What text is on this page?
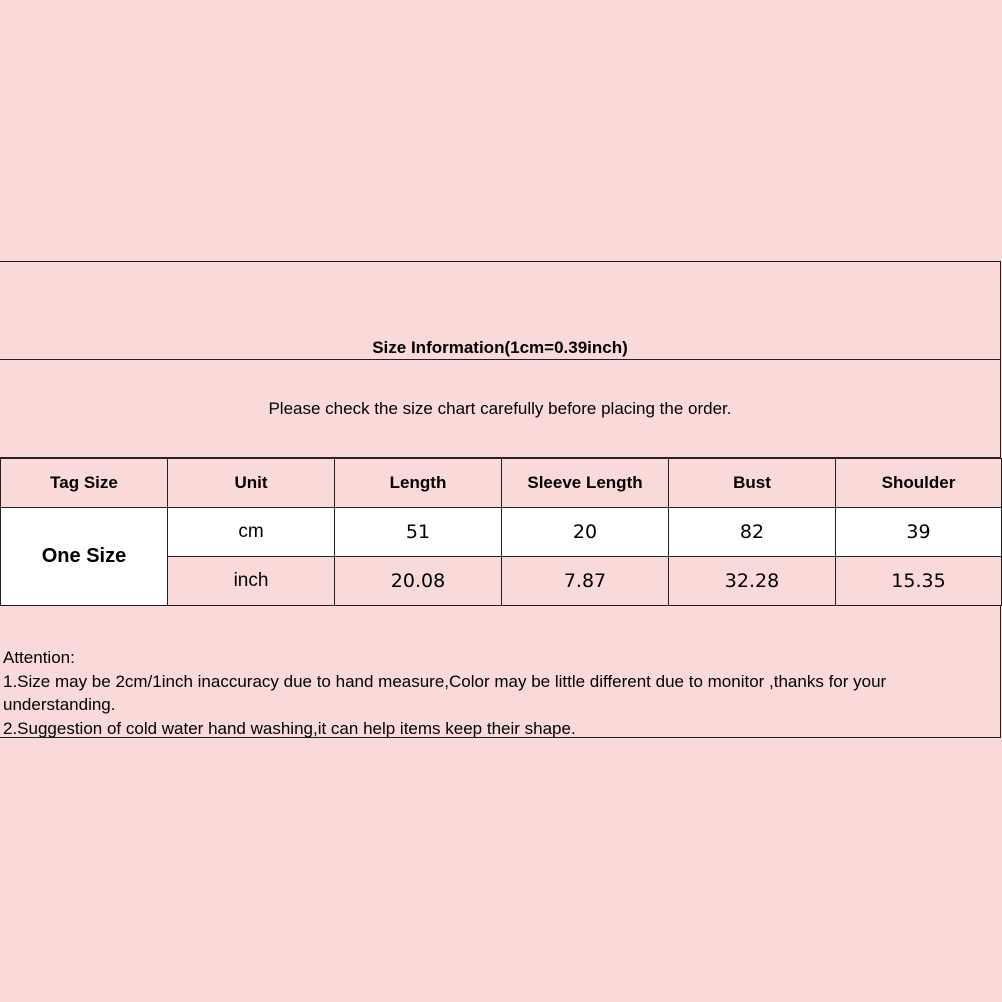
Size Information(1cm=0.39inch)
Please check the size chart carefully before placing the order.
Tag Size	Unit	Length	Sleeve Length	Bust	Shoulder
One Size	cm	51	20	82	39
	inch	20.08	7.87	32.28	15.35
Attention:
1.Size may be 2cm/1inch inaccuracy due to hand measure,Color may be little different due to monitor ,thanks for your understanding.
2.Suggestion of cold water hand washing,it can help items keep their shape.
